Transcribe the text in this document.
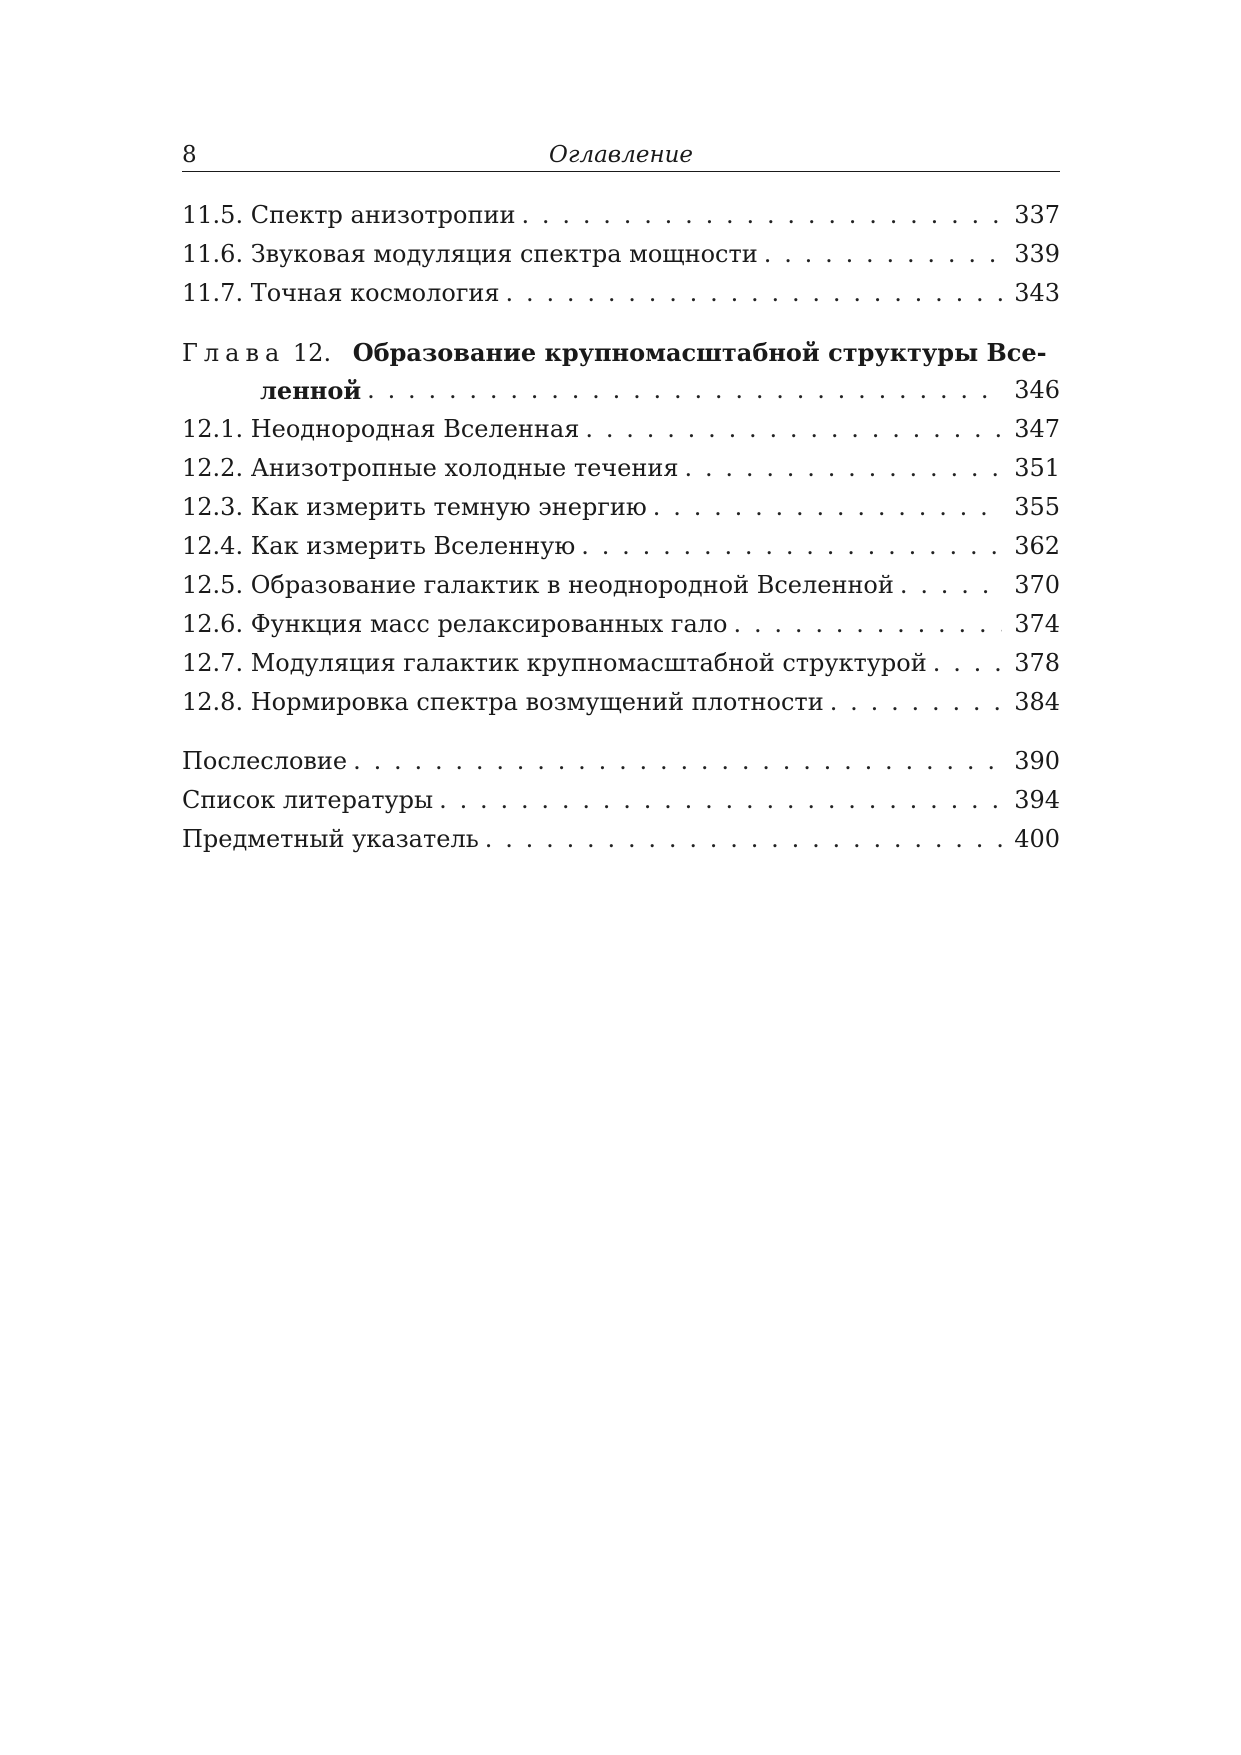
8	Оглавление
11.5. Спектр анизотропии . . .	337
11.6. Звуковая модуляция спектра мощности . . .	339
11.7. Точная космология . . .	343
Глава 12. Образование крупномасштабной структуры Все-
ленной . . .	346
12.1. Неоднородная Вселенная . . .	347
12.2. Анизотропные холодные течения . . .	351
12.3. Как измерить темную энергию . . .	355
12.4. Как измерить Вселенную . . .	362
12.5. Образование галактик в неоднородной Вселенной . . .	370
12.6. Функция масс релаксированных гало . . .	374
12.7. Модуляция галактик крупномасштабной структурой . . .	378
12.8. Нормировка спектра возмущений плотности . . .	384
Послесловие . . .	390
Список литературы . . .	394
Предметный указатель . . .	400
